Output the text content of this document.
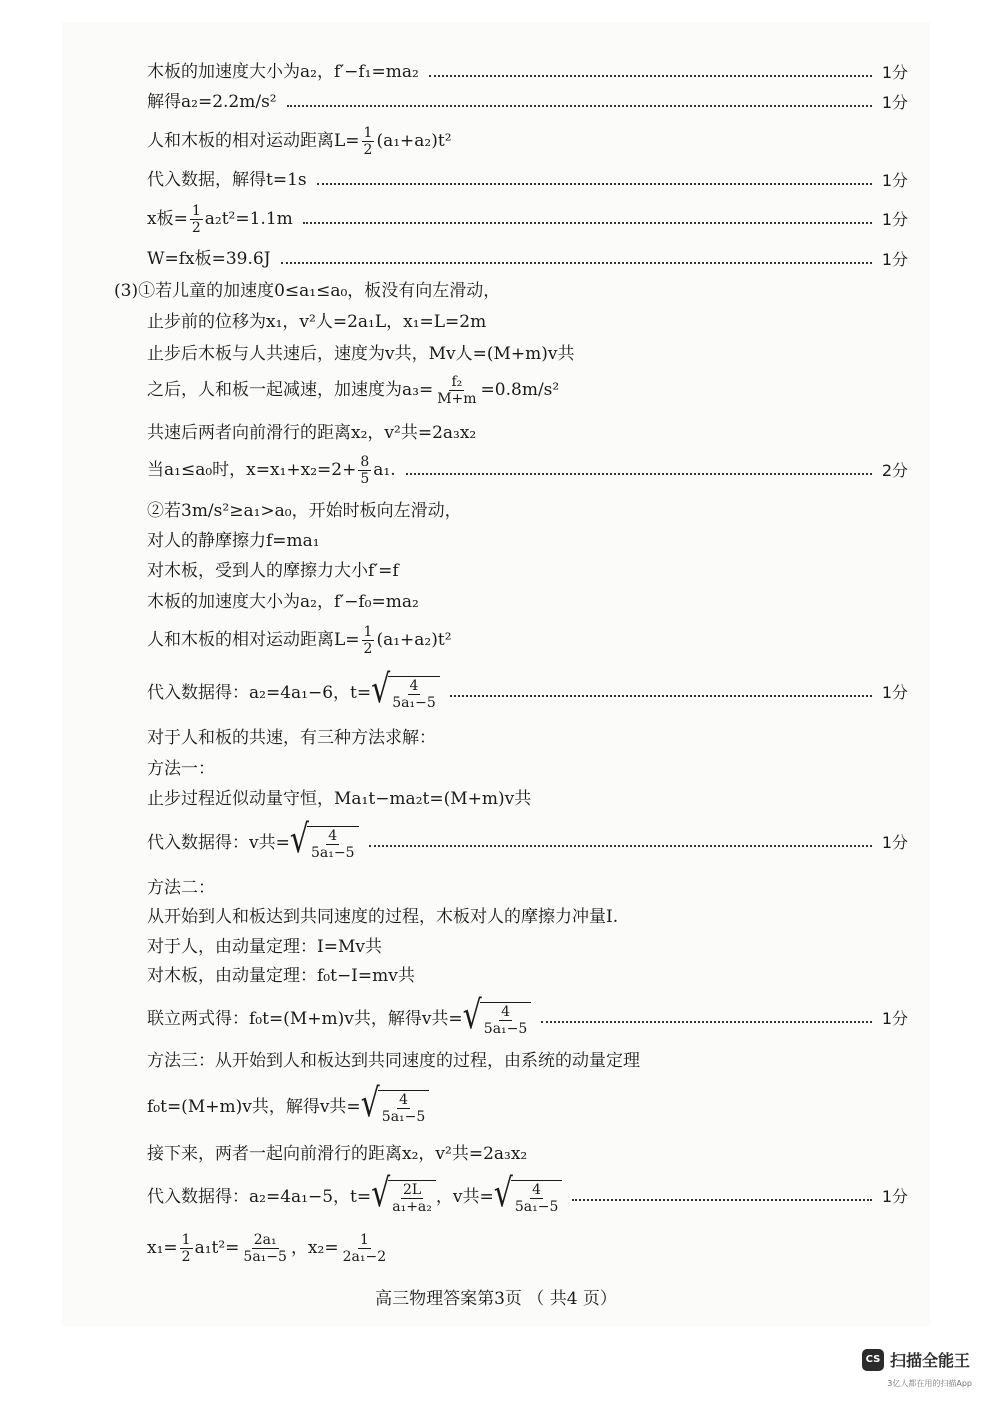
木板的加速度大小为a₂，f′−f₁=ma₂	1分
解得a₂=2.2m/s²	1分
人和木板的相对运动距离$L= \frac{1}{2} (a_1+a_2)t^2$
代入数据，解得t=1s	1分
x板= $\frac{1}{2} a_2t^2=1.1m$	1分
W=fx板=39.6J	1分
(3)①若儿童的加速度0≤a₁≤a₀，板没有向左滑动，
止步前的位移为x₁，v²人=2a₁L，x₁=L=2m
止步后木板与人共速后，速度为v共，Mv人=(M+m)v共
之后，人和板一起减速，加速度为$a_3= \frac{\text{f₂}}{M+m} =0.8m/s^2$
共速后两者向前滑行的距离x₂，v²共=2a₃x₂
当a₁≤a₀时，$x=x_1+x_2=2+ \frac{8}{5} a_1$.	2分
②若3m/s²≥a₁>a₀，开始时板向左滑动，
对人的静摩擦力f=ma₁
对木板，受到人的摩擦力大小f′=f
木板的加速度大小为a₂，f′−f₀=ma₂
人和木板的相对运动距离$L= \frac{1}{2} (a_1+a_2)t^2$
代入数据得：a₂=4a₁−6，t= √ $\frac{4}{\text{5a₁−5}}$	1分
对于人和板的共速，有三种方法求解：
方法一：
止步过程近似动量守恒，Ma₁t−ma₂t=(M+m)v共
代入数据得：v共= √ $\frac{4}{\text{5a₁−5}}$	1分
方法二：
从开始到人和板达到共同速度的过程，木板对人的摩擦力冲量I.
对于人，由动量定理：I=Mv共
对木板，由动量定理：f₀t−I=mv共
联立两式得：f₀t=(M+m)v共，解得v共= √ $\frac{4}{\text{5a₁−5}}$	1分
方法三：从开始到人和板达到共同速度的过程，由系统的动量定理
f₀t=(M+m)v共，解得v共= √ $\frac{4}{\text{5a₁−5}}$
接下来，两者一起向前滑行的距离x₂，v²共=2a₃x₂
代入数据得：a₂=4a₁−5，t= √ $\frac{2L}{\text{a₁+a₂}}$ ，v共= √ $\frac{4}{\text{5a₁−5}}$	1分
$x_1= \frac{1}{2} a_1t^2= \frac{\text{2a₁}}{\text{5a₁−5}}$ ，$x_2= \frac{1}{\text{2a₁−2}}$
高三物理答案第3页 （ 共4 页）
CS 扫描全能王
3亿人都在用的扫描App
